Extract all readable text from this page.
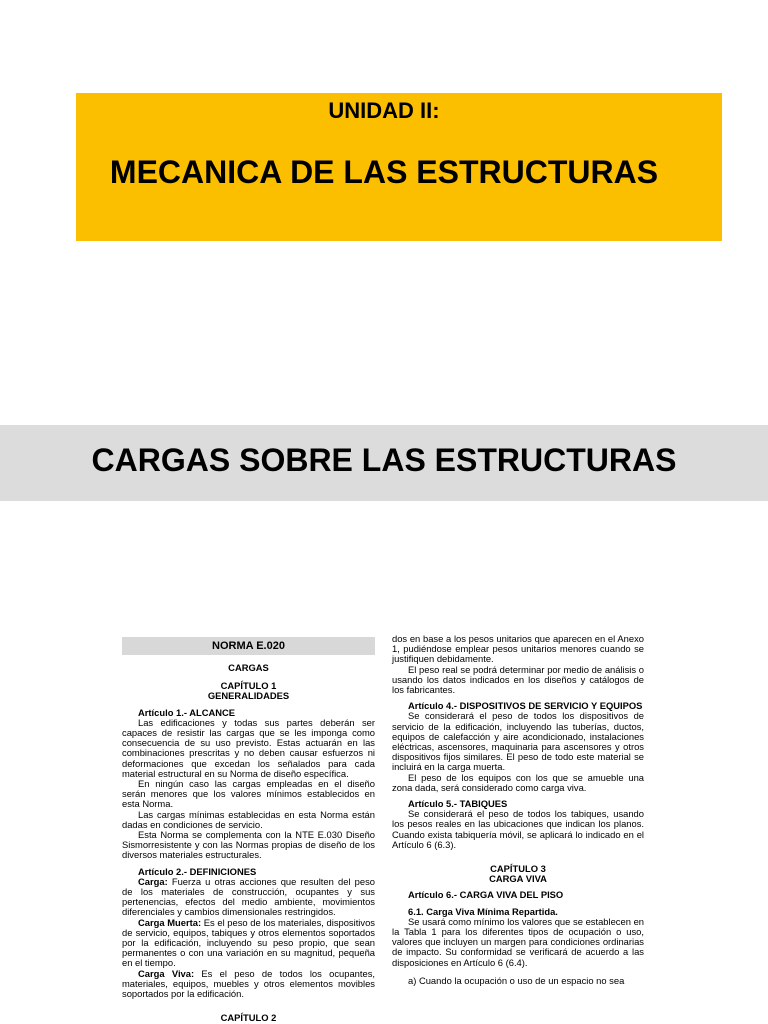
UNIDAD II:
MECANICA DE LAS ESTRUCTURAS
CARGAS SOBRE LAS ESTRUCTURAS
NORMA E.020
CARGAS
CAPÍTULO 1
GENERALIDADES
Artículo 1.- ALCANCE
Las edificaciones y todas sus partes deberán ser capaces de resistir las cargas que se les imponga como consecuencia de su uso previsto. Estas actuarán en las combinaciones prescritas y no deben causar esfuerzos ni deformaciones que excedan los señalados para cada material estructural en su Norma de diseño específica.
En ningún caso las cargas empleadas en el diseño serán menores que los valores mínimos establecidos en esta Norma.
Las cargas mínimas establecidas en esta Norma están dadas en condiciones de servicio.
Esta Norma se complementa con la NTE E.030 Diseño Sismorresistente y con las Normas propias de diseño de los diversos materiales estructurales.
Artículo 2.- DEFINICIONES
Carga: Fuerza u otras acciones que resulten del peso de los materiales de construcción, ocupantes y sus pertenencias, efectos del medio ambiente, movimientos diferenciales y cambios dimensionales restringidos.
Carga Muerta: Es el peso de los materiales, dispositivos de servicio, equipos, tabiques y otros elementos soportados por la edificación, incluyendo su peso propio, que sean permanentes o con una variación en su magnitud, pequeña en el tiempo.
Carga Viva: Es el peso de todos los ocupantes, materiales, equipos, muebles y otros elementos movibles soportados por la edificación.
CAPÍTULO 2
dos en base a los pesos unitarios que aparecen en el Anexo 1, pudiéndose emplear pesos unitarios menores cuando se justifiquen debidamente.
El peso real se podrá determinar por medio de análisis o usando los datos indicados en los diseños y catálogos de los fabricantes.
Artículo 4.- DISPOSITIVOS DE SERVICIO Y EQUIPOS
Se considerará el peso de todos los dispositivos de servicio de la edificación, incluyendo las tuberías, ductos, equipos de calefacción y aire acondicionado, instalaciones eléctricas, ascensores, maquinaria para ascensores y otros dispositivos fijos similares. El peso de todo este material se incluirá en la carga muerta.
El peso de los equipos con los que se amueble una zona dada, será considerado como carga viva.
Artículo 5.- TABIQUES
Se considerará el peso de todos los tabiques, usando los pesos reales en las ubicaciones que indican los planos. Cuando exista tabiquería móvil, se aplicará lo indicado en el Artículo 6 (6.3).
CAPÍTULO 3
CARGA VIVA
Artículo 6.- CARGA VIVA DEL PISO
6.1. Carga Viva Mínima Repartida.
Se usará como mínimo los valores que se establecen en la Tabla 1 para los diferentes tipos de ocupación o uso, valores que incluyen un margen para condiciones ordinarias de impacto. Su conformidad se verificará de acuerdo a las disposiciones en Artículo 6 (6.4).
a) Cuando la ocupación o uso de un espacio no sea
